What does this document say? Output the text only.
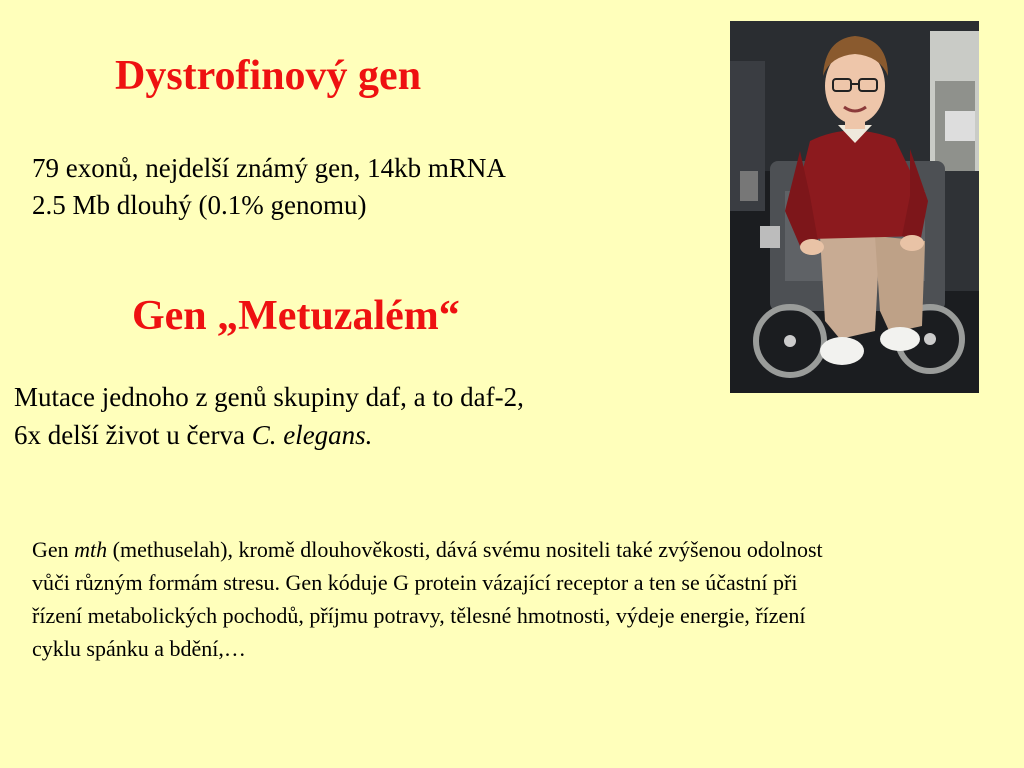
Dystrofinový gen

79 exonů, nejdelší známý gen, 14kb mRNA
2.5 Mb dlouhý (0.1% genomu)

Gen „Metuzalém“

Mutace jednoho z genů skupiny daf, a to daf-2, 6x delší život u červa C. elegans.

Gen mth (methuselah), kromě dlouhověkosti, dává svému nositeli také zvýšenou odolnost vůči různým formám stresu. Gen kóduje G protein vázající receptor a ten se účastní při řízení metabolických pochodů, příjmu potravy, tělesné hmotnosti, výdeje energie, řízení cyklu spánku a bdění,…
